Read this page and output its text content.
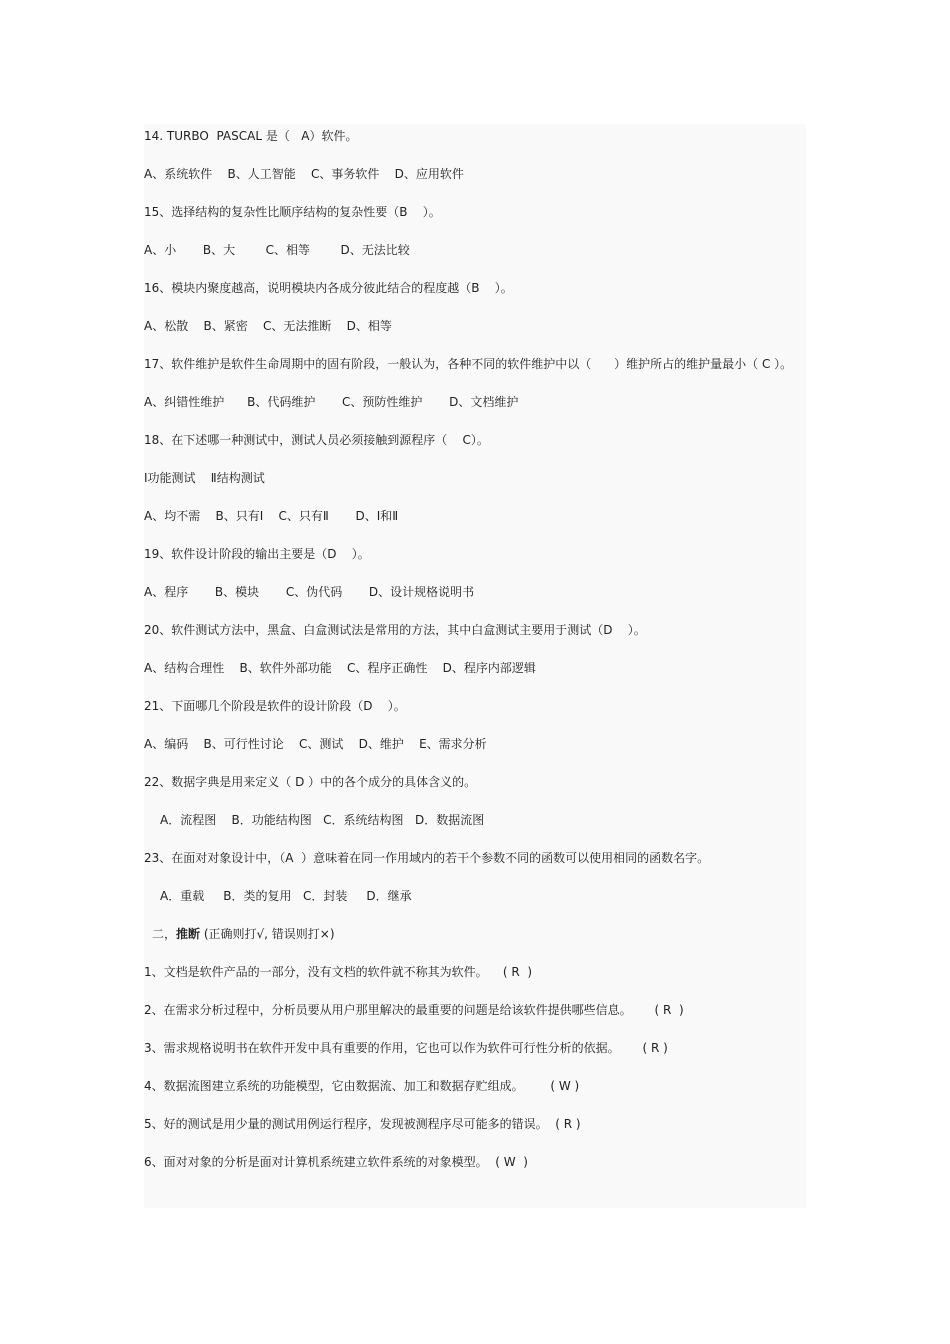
14. TURBO  PASCAL 是（   A）软件。

A、系统软件    B、人工智能    C、事务软件    D、应用软件

15、选择结构的复杂性比顺序结构的复杂性要（B    ）。

A、小       B、大        C、相等        D、无法比较

16、模块内聚度越高，说明模块内各成分彼此结合的程度越（B    ）。

A、松散    B、紧密    C、无法推断    D、相等

17、软件维护是软件生命周期中的固有阶段，一般认为，各种不同的软件维护中以（      ）维护所占的维护量最小（ C ）。

A、纠错性维护      B、代码维护       C、预防性维护       D、文档维护

18、在下述哪一种测试中，测试人员必须接触到源程序（    C）。

Ⅰ功能测试    Ⅱ结构测试

A、均不需    B、只有Ⅰ    C、只有Ⅱ       D、Ⅰ和Ⅱ

19、软件设计阶段的输出主要是（D    ）。

A、程序       B、模块       C、伪代码       D、设计规格说明书

20、软件测试方法中，黑盒、白盒测试法是常用的方法，其中白盒测试主要用于测试（D    ）。

A、结构合理性    B、软件外部功能    C、程序正确性    D、程序内部逻辑

21、下面哪几个阶段是软件的设计阶段（D    ）。

A、编码    B、可行性讨论    C、测试    D、维护    E、需求分析

22、数据字典是用来定义（ D ）中的各个成分的具体含义的。

A．流程图    B．功能结构图   C．系统结构图   D．数据流图

23、在面对对象设计中，（A  ）意味着在同一作用域内的若干个参数不同的函数可以使用相同的函数名字。

A．重载     B．类的复用   C．封装     D．继承

二，推断 (正确则打√, 错误则打×)

1、文档是软件产品的一部分，没有文档的软件就不称其为软件。    ( R  )

2、在需求分析过程中，分析员要从用户那里解决的最重要的问题是给该软件提供哪些信息。      ( R  )

3、需求规格说明书在软件开发中具有重要的作用，它也可以作为软件可行性分析的依据。      ( R )

4、数据流图建立系统的功能模型，它由数据流、加工和数据存贮组成。       ( W )

5、好的测试是用少量的测试用例运行程序，发现被测程序尽可能多的错误。  ( R )

6、面对对象的分析是面对计算机系统建立软件系统的对象模型。  ( W  )
